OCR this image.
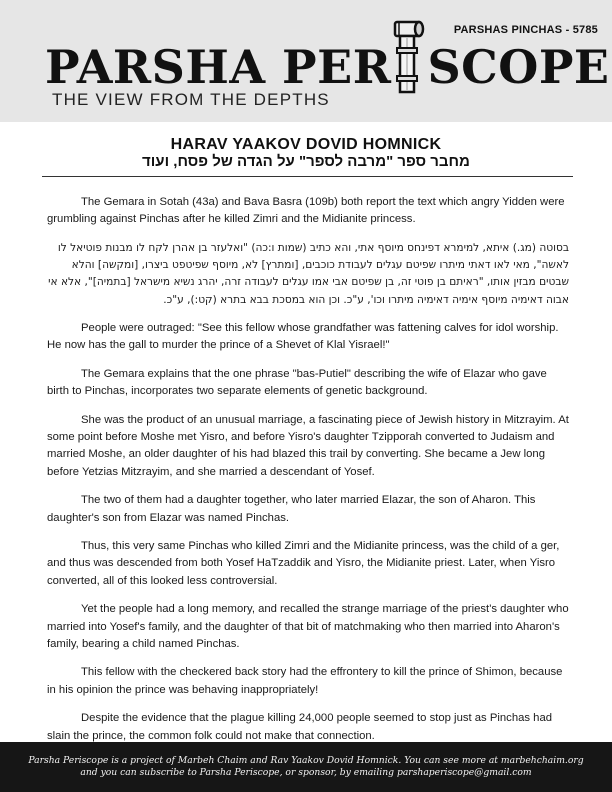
PARSHAS PINCHAS - 5785
PARSHA PER SCOPE
THE VIEW FROM THE DEPTHS
HARAV YAAKOV DOVID HOMNICK
מחבר ספר "מרבה לספר" על הגדה של פסח, ועוד

The Gemara in Sotah (43a) and Bava Basra (109b) both report the text which angry Yidden were grumbling against Pinchas after he killed Zimri and the Midianite princess.

בסוטה (מג.) איתא, למימרא דפינחס מיוסף אתי, והא כתיב (שמות ו:כה) "ואלעזר בן אהרן לקח לו מבנות פוטיאל לו לאשה", מאי לאו דאתי מיתרו שפיטם עגלים לעבודת כוכבים, [ומתרץ] לא, מיוסף שפיטפט ביצרו, [ומקשה] והלא שבטים מבזין אותו, "ראיתם בן פוטי זה, בן שפיטם אבי אמו עגלים לעבודה זרה, יהרג נשיא מישראל [בתמיה]", אלא אי אבוה דאימיה מיוסף אימיה דאימיה מיתרו וכו', ע"כ. וכן הוא במסכת בבא בתרא (קט:), ע"כ.

People were outraged: "See this fellow whose grandfather was fattening calves for idol worship. He now has the gall to murder the prince of a Shevet of Klal Yisrael!"

The Gemara explains that the one phrase "bas-Putiel" describing the wife of Elazar who gave birth to Pinchas, incorporates two separate elements of genetic background.

She was the product of an unusual marriage, a fascinating piece of Jewish history in Mitzrayim. At some point before Moshe met Yisro, and before Yisro's daughter Tzipporah converted to Judaism and married Moshe, an older daughter of his had blazed this trail by converting. She became a Jew long before Yetzias Mitzrayim, and she married a descendant of Yosef.

The two of them had a daughter together, who later married Elazar, the son of Aharon. This daughter's son from Elazar was named Pinchas.

Thus, this very same Pinchas who killed Zimri and the Midianite princess, was the child of a ger, and thus was descended from both Yosef HaTzaddik and Yisro, the Midianite priest. Later, when Yisro converted, all of this looked less controversial.

Yet the people had a long memory, and recalled the strange marriage of the priest's daughter who married into Yosef's family, and the daughter of that bit of matchmaking who then married into Aharon's family, bearing a child named Pinchas.

This fellow with the checkered back story had the effrontery to kill the prince of Shimon, because in his opinion the prince was behaving inappropriately!

Despite the evidence that the plague killing 24,000 people seemed to stop just as Pinchas had slain the prince, the common folk could not make that connection.

Parsha Periscope is a project of Marbeh Chaim and Rav Yaakov Dovid Homnick. You can see more at marbehchaim.org
and you can subscribe to Parsha Periscope, or sponsor, by emailing parshaperiscope@gmail.com
